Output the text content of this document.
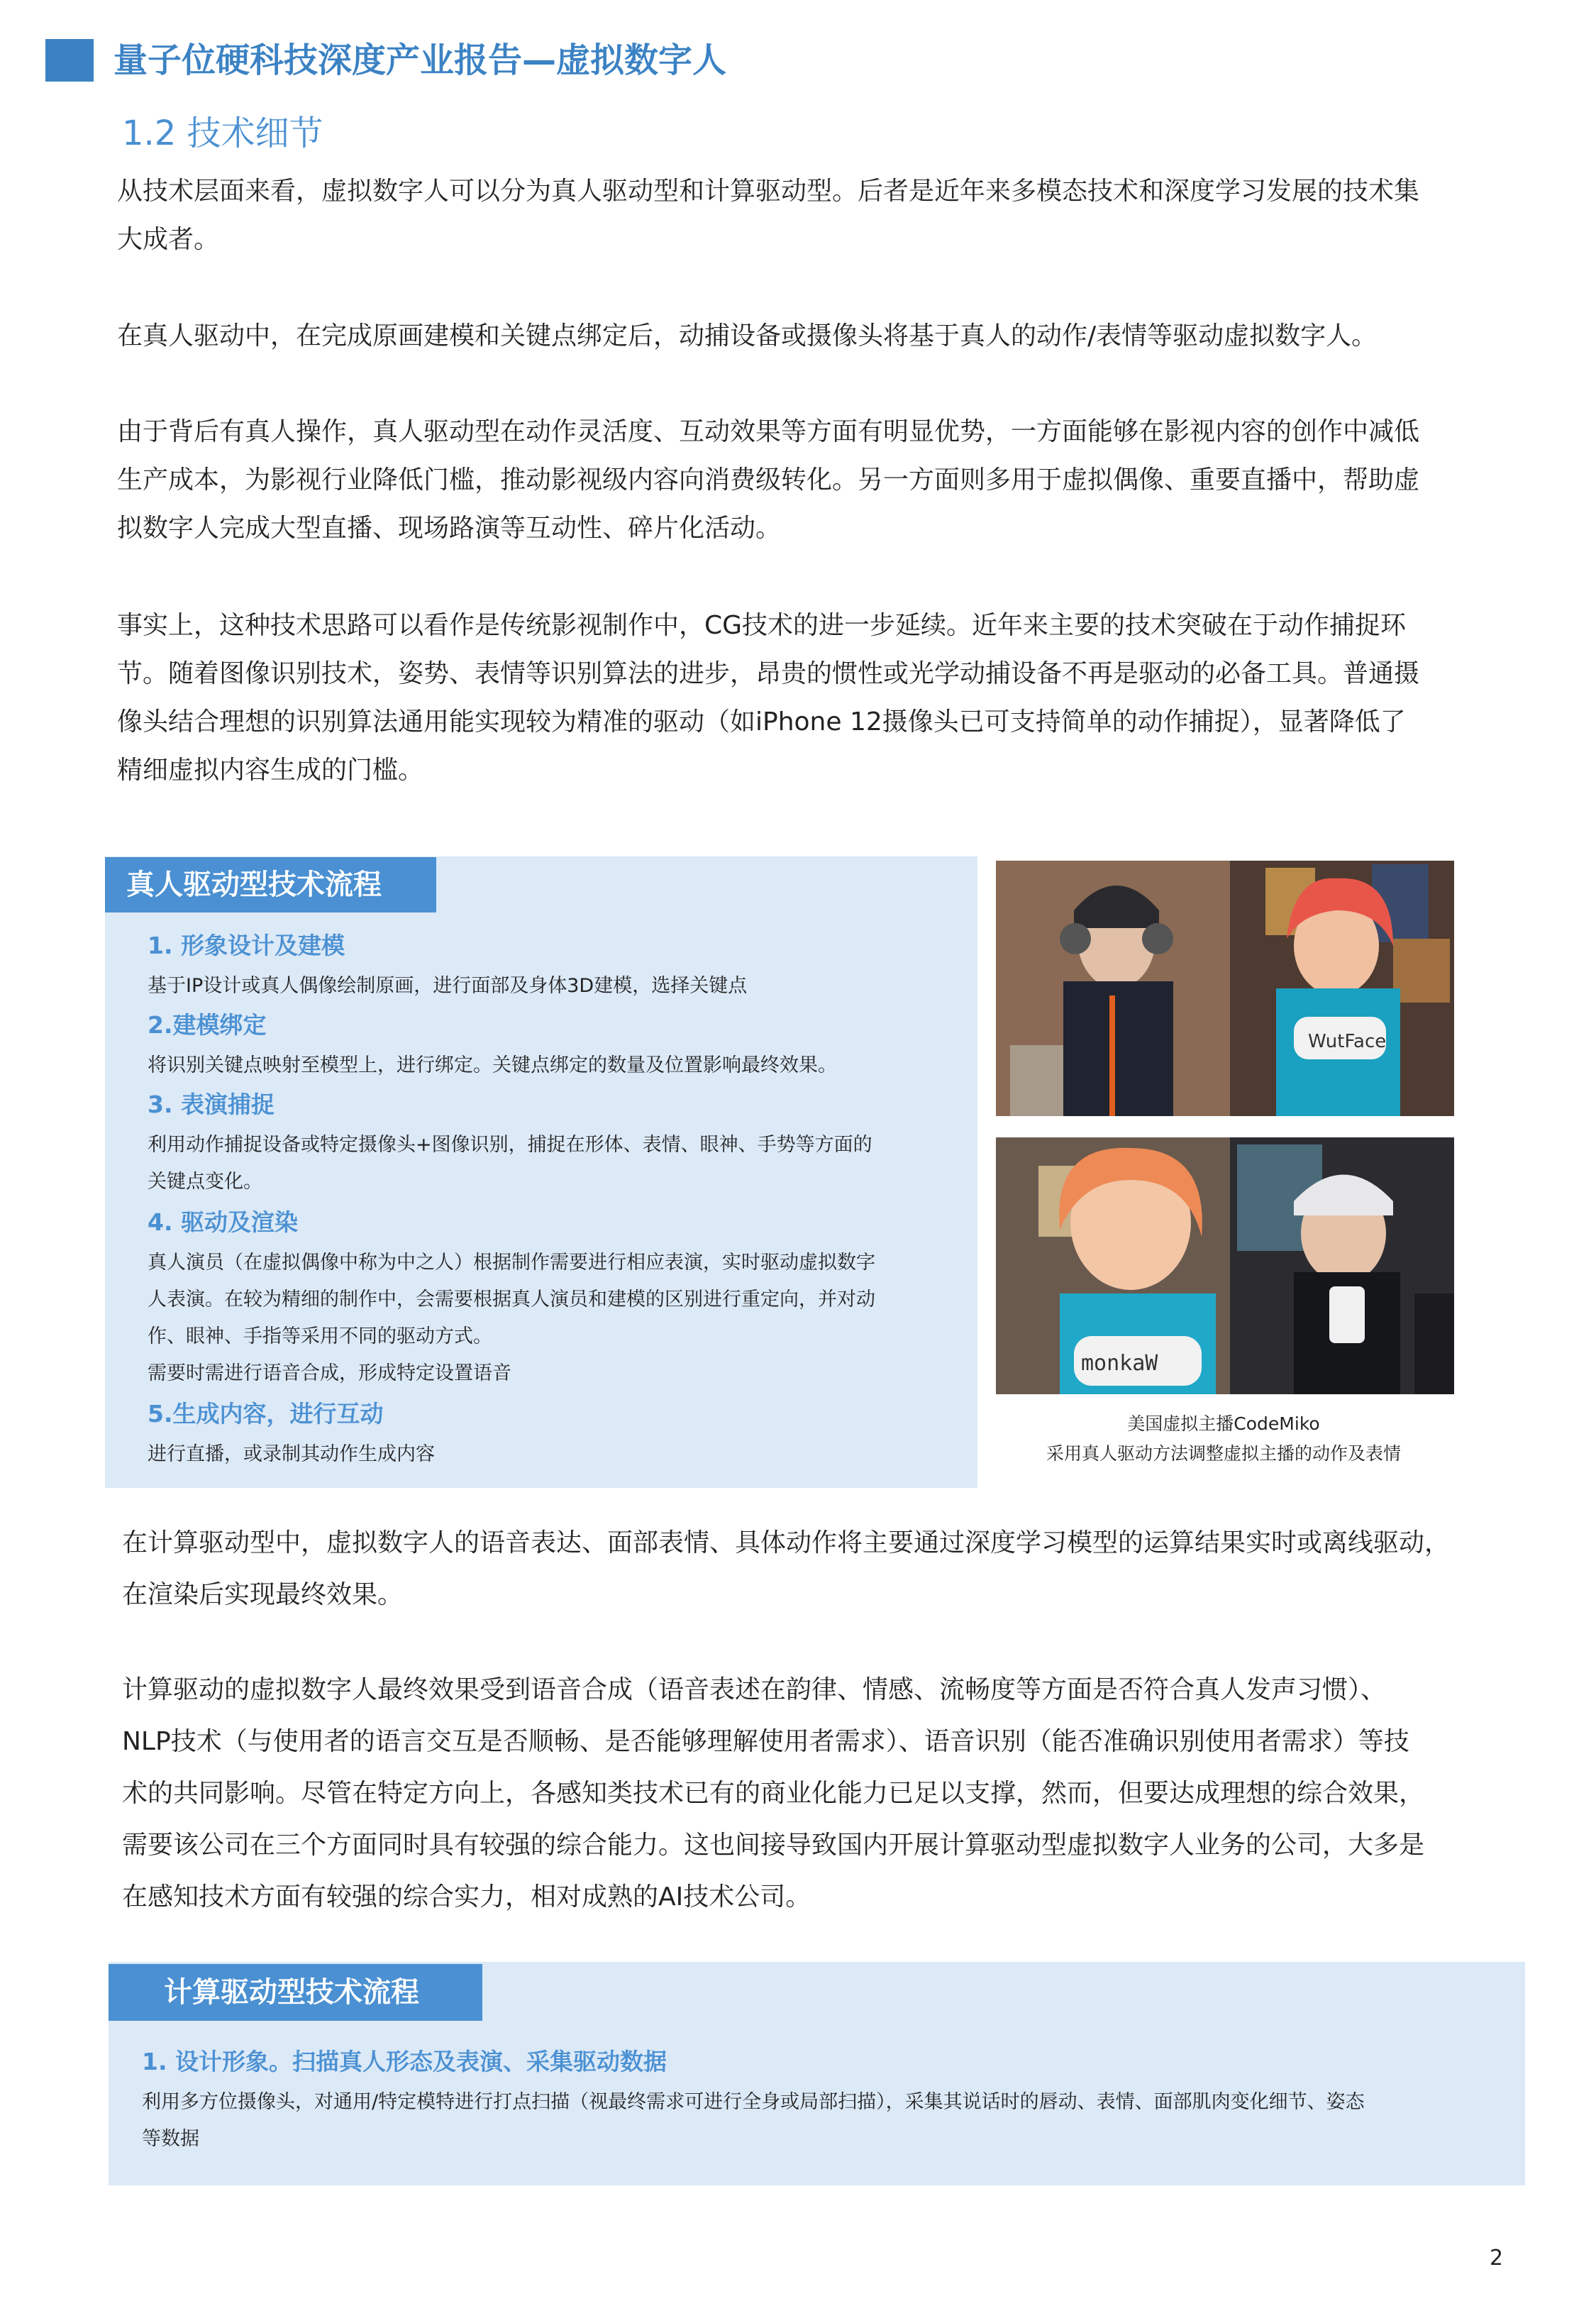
量子位硬科技深度产业报告—虚拟数字人
1.2 技术细节
从技术层面来看，虚拟数字人可以分为真人驱动型和计算驱动型。后者是近年来多模态技术和深度学习发展的技术集
大成者。
在真人驱动中，在完成原画建模和关键点绑定后，动捕设备或摄像头将基于真人的动作/表情等驱动虚拟数字人。
由于背后有真人操作，真人驱动型在动作灵活度、互动效果等方面有明显优势，一方面能够在影视内容的创作中减低
生产成本，为影视行业降低门槛，推动影视级内容向消费级转化。另一方面则多用于虚拟偶像、重要直播中，帮助虚
拟数字人完成大型直播、现场路演等互动性、碎片化活动。
事实上，这种技术思路可以看作是传统影视制作中，CG技术的进一步延续。近年来主要的技术突破在于动作捕捉环
节。随着图像识别技术，姿势、表情等识别算法的进步，昂贵的惯性或光学动捕设备不再是驱动的必备工具。普通摄
像头结合理想的识别算法通用能实现较为精准的驱动（如iPhone 12摄像头已可支持简单的动作捕捉），显著降低了
精细虚拟内容生成的门槛。
真人驱动型技术流程
1. 形象设计及建模
基于IP设计或真人偶像绘制原画，进行面部及身体3D建模，选择关键点
2.建模绑定
将识别关键点映射至模型上，进行绑定。关键点绑定的数量及位置影响最终效果。
3. 表演捕捉
利用动作捕捉设备或特定摄像头+图像识别，捕捉在形体、表情、眼神、手势等方面的
关键点变化。
4. 驱动及渲染
真人演员（在虚拟偶像中称为中之人）根据制作需要进行相应表演，实时驱动虚拟数字
人表演。在较为精细的制作中，会需要根据真人演员和建模的区别进行重定向，并对动
作、眼神、手指等采用不同的驱动方式。
需要时需进行语音合成，形成特定设置语音
5.生成内容，进行互动
进行直播，或录制其动作生成内容
WutFace
monkaW
美国虚拟主播CodeMiko
采用真人驱动方法调整虚拟主播的动作及表情
在计算驱动型中，虚拟数字人的语音表达、面部表情、具体动作将主要通过深度学习模型的运算结果实时或离线驱动，
在渲染后实现最终效果。
计算驱动的虚拟数字人最终效果受到语音合成（语音表述在韵律、情感、流畅度等方面是否符合真人发声习惯）、
NLP技术（与使用者的语言交互是否顺畅、是否能够理解使用者需求）、语音识别（能否准确识别使用者需求）等技
术的共同影响。尽管在特定方向上，各感知类技术已有的商业化能力已足以支撑，然而，但要达成理想的综合效果，
需要该公司在三个方面同时具有较强的综合能力。这也间接导致国内开展计算驱动型虚拟数字人业务的公司，大多是
在感知技术方面有较强的综合实力，相对成熟的AI技术公司。
计算驱动型技术流程
1. 设计形象。扫描真人形态及表演、采集驱动数据
利用多方位摄像头，对通用/特定模特进行打点扫描（视最终需求可进行全身或局部扫描），采集其说话时的唇动、表情、面部肌肉变化细节、姿态
等数据
2
